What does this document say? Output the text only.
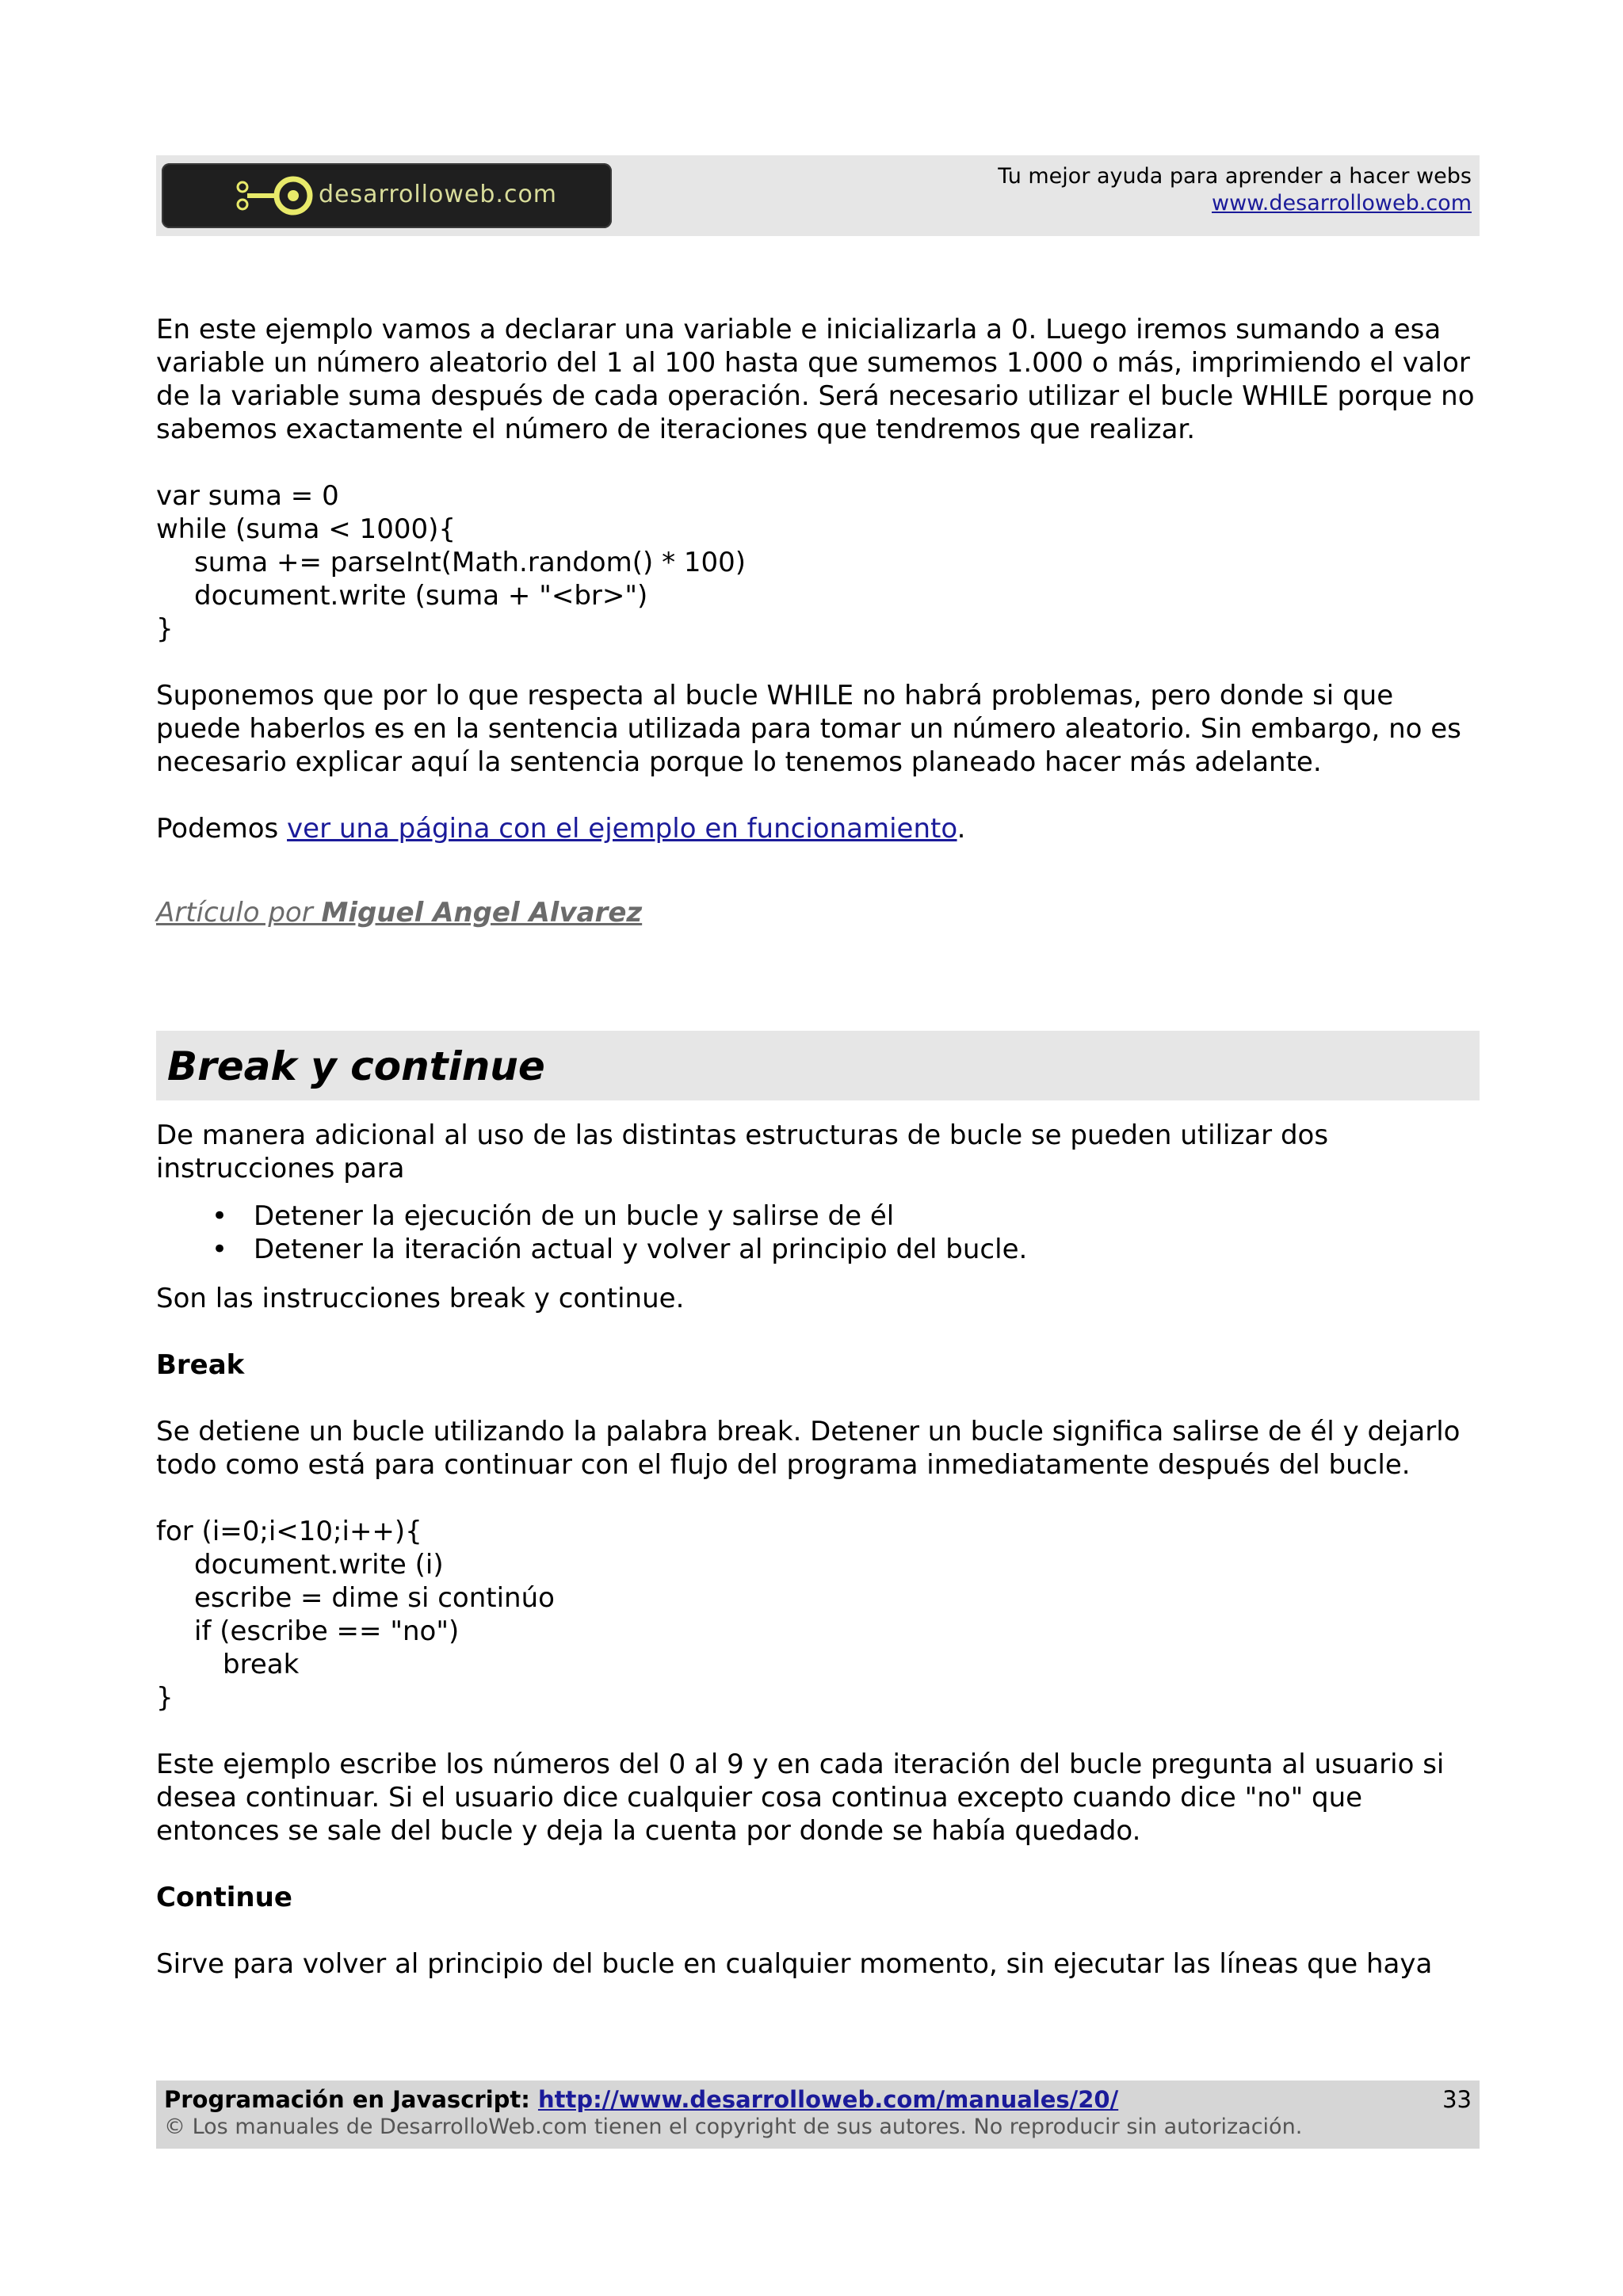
desarrolloweb.com
Tu mejor ayuda para aprender a hacer webs
www.desarrolloweb.com

En este ejemplo vamos a declarar una variable e inicializarla a 0. Luego iremos sumando a esa variable un número aleatorio del 1 al 100 hasta que sumemos 1.000 o más, imprimiendo el valor de la variable suma después de cada operación. Será necesario utilizar el bucle WHILE porque no sabemos exactamente el número de iteraciones que tendremos que realizar.

var suma = 0
while (suma < 1000){
suma += parseInt(Math.random() * 100)
document.write (suma + "<br>")
}

Suponemos que por lo que respecta al bucle WHILE no habrá problemas, pero donde si que puede haberlos es en la sentencia utilizada para tomar un número aleatorio. Sin embargo, no es necesario explicar aquí la sentencia porque lo tenemos planeado hacer más adelante.

Podemos ver una página con el ejemplo en funcionamiento.

Artículo por Miguel Angel Alvarez

Break y continue

De manera adicional al uso de las distintas estructuras de bucle se pueden utilizar dos instrucciones para

• Detener la ejecución de un bucle y salirse de él
• Detener la iteración actual y volver al principio del bucle.

Son las instrucciones break y continue.

Break

Se detiene un bucle utilizando la palabra break. Detener un bucle significa salirse de él y dejarlo todo como está para continuar con el flujo del programa inmediatamente después del bucle.

for (i=0;i<10;i++){
document.write (i)
escribe = dime si continúo
if (escribe == "no")
break
}

Este ejemplo escribe los números del 0 al 9 y en cada iteración del bucle pregunta al usuario si desea continuar. Si el usuario dice cualquier cosa continua excepto cuando dice "no" que entonces se sale del bucle y deja la cuenta por donde se había quedado.

Continue

Sirve para volver al principio del bucle en cualquier momento, sin ejecutar las líneas que haya

Programación en Javascript: http://www.desarrolloweb.com/manuales/20/
© Los manuales de DesarrolloWeb.com tienen el copyright de sus autores. No reproducir sin autorización.
33
